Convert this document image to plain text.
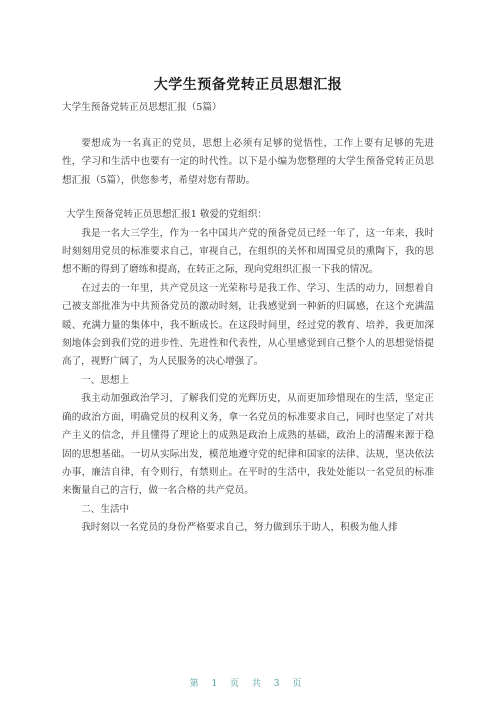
大学生预备党转正员思想汇报
大学生预备党转正员思想汇报（5篇）

要想成为一名真正的党员，思想上必须有足够的觉悟性，工作上要有足够的先进性，学习和生活中也要有一定的时代性。以下是小编为您整理的大学生预备党转正员思想汇报（5篇），供您参考，希望对您有帮助。

大学生预备党转正员思想汇报1 敬爱的党组织：

我是一名大三学生，作为一名中国共产党的预备党员已经一年了，这一年来，我时时刻刻用党员的标准要求自己，审视自己，在组织的关怀和周围党员的熏陶下，我的思想不断的得到了磨练和提高，在转正之际，现向党组织汇报一下我的情况。

在过去的一年里，共产党员这一光荣称号是我工作、学习、生活的动力，回想着自己被支部批准为中共预备党员的激动时刻，让我感觉到一种新的归属感，在这个充满温暖、充满力量的集体中，我不断成长。在这段时间里，经过党的教育、培养，我更加深刻地体会到我们党的进步性、先进性和代表性，从心里感觉到自己整个人的思想觉悟提高了，视野广阔了，为人民服务的决心增强了。

一、思想上

我主动加强政治学习，了解我们党的光辉历史，从而更加珍惜现在的生活，坚定正确的政治方面，明确党员的权利义务，拿一名党员的标准要求自己，同时也坚定了对共产主义的信念，并且懂得了理论上的成熟是政治上成熟的基础，政治上的清醒来源于稳固的思想基础。一切从实际出发，模范地遵守党的纪律和国家的法律、法规，坚决依法办事，廉洁自律，有令则行，有禁则止。在平时的生活中，我处处能以一名党员的标准来衡量自己的言行，做一名合格的共产党员。

二、生活中

我时刻以一名党员的身份严格要求自己，努力做到乐于助人，积极为他人排

第 1 页 共 3 页
